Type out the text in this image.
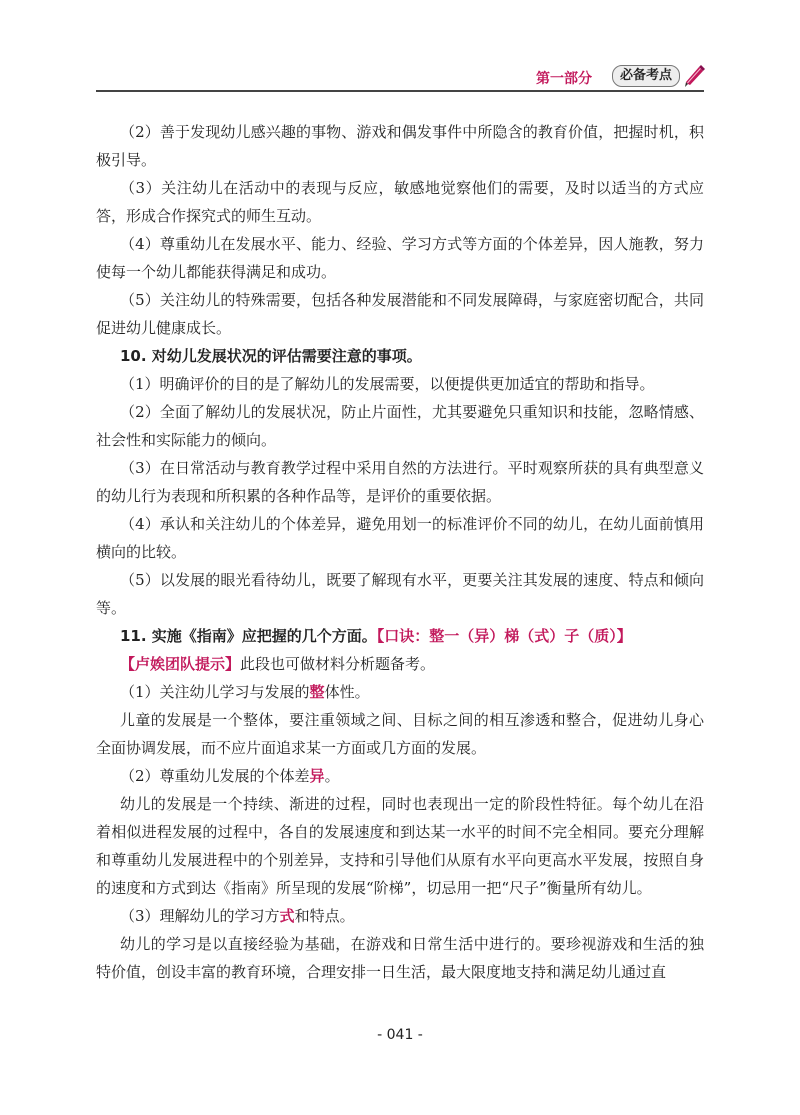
第一部分	必备考点

（2）善于发现幼儿感兴趣的事物、游戏和偶发事件中所隐含的教育价值，把握时机，积极引导。

（3）关注幼儿在活动中的表现与反应，敏感地觉察他们的需要，及时以适当的方式应答，形成合作探究式的师生互动。

（4）尊重幼儿在发展水平、能力、经验、学习方式等方面的个体差异，因人施教，努力使每一个幼儿都能获得满足和成功。

（5）关注幼儿的特殊需要，包括各种发展潜能和不同发展障碍，与家庭密切配合，共同促进幼儿健康成长。

10. 对幼儿发展状况的评估需要注意的事项。

（1）明确评价的目的是了解幼儿的发展需要，以便提供更加适宜的帮助和指导。

（2）全面了解幼儿的发展状况，防止片面性，尤其要避免只重知识和技能，忽略情感、社会性和实际能力的倾向。

（3）在日常活动与教育教学过程中采用自然的方法进行。平时观察所获的具有典型意义的幼儿行为表现和所积累的各种作品等，是评价的重要依据。

（4）承认和关注幼儿的个体差异，避免用划一的标准评价不同的幼儿，在幼儿面前慎用横向的比较。

（5）以发展的眼光看待幼儿，既要了解现有水平，更要关注其发展的速度、特点和倾向等。

11. 实施《指南》应把握的几个方面。【口诀：整一（异）梯（式）子（质）】

【卢娭团队提示】此段也可做材料分析题备考。

（1）关注幼儿学习与发展的整体性。

儿童的发展是一个整体，要注重领域之间、目标之间的相互渗透和整合，促进幼儿身心全面协调发展，而不应片面追求某一方面或几方面的发展。

（2）尊重幼儿发展的个体差异。

幼儿的发展是一个持续、渐进的过程，同时也表现出一定的阶段性特征。每个幼儿在沿着相似进程发展的过程中，各自的发展速度和到达某一水平的时间不完全相同。要充分理解和尊重幼儿发展进程中的个别差异，支持和引导他们从原有水平向更高水平发展，按照自身的速度和方式到达《指南》所呈现的发展“阶梯”，切忌用一把“尺子”衡量所有幼儿。

（3）理解幼儿的学习方式和特点。

幼儿的学习是以直接经验为基础，在游戏和日常生活中进行的。要珍视游戏和生活的独特价值，创设丰富的教育环境，合理安排一日生活，最大限度地支持和满足幼儿通过直

- 041 -
